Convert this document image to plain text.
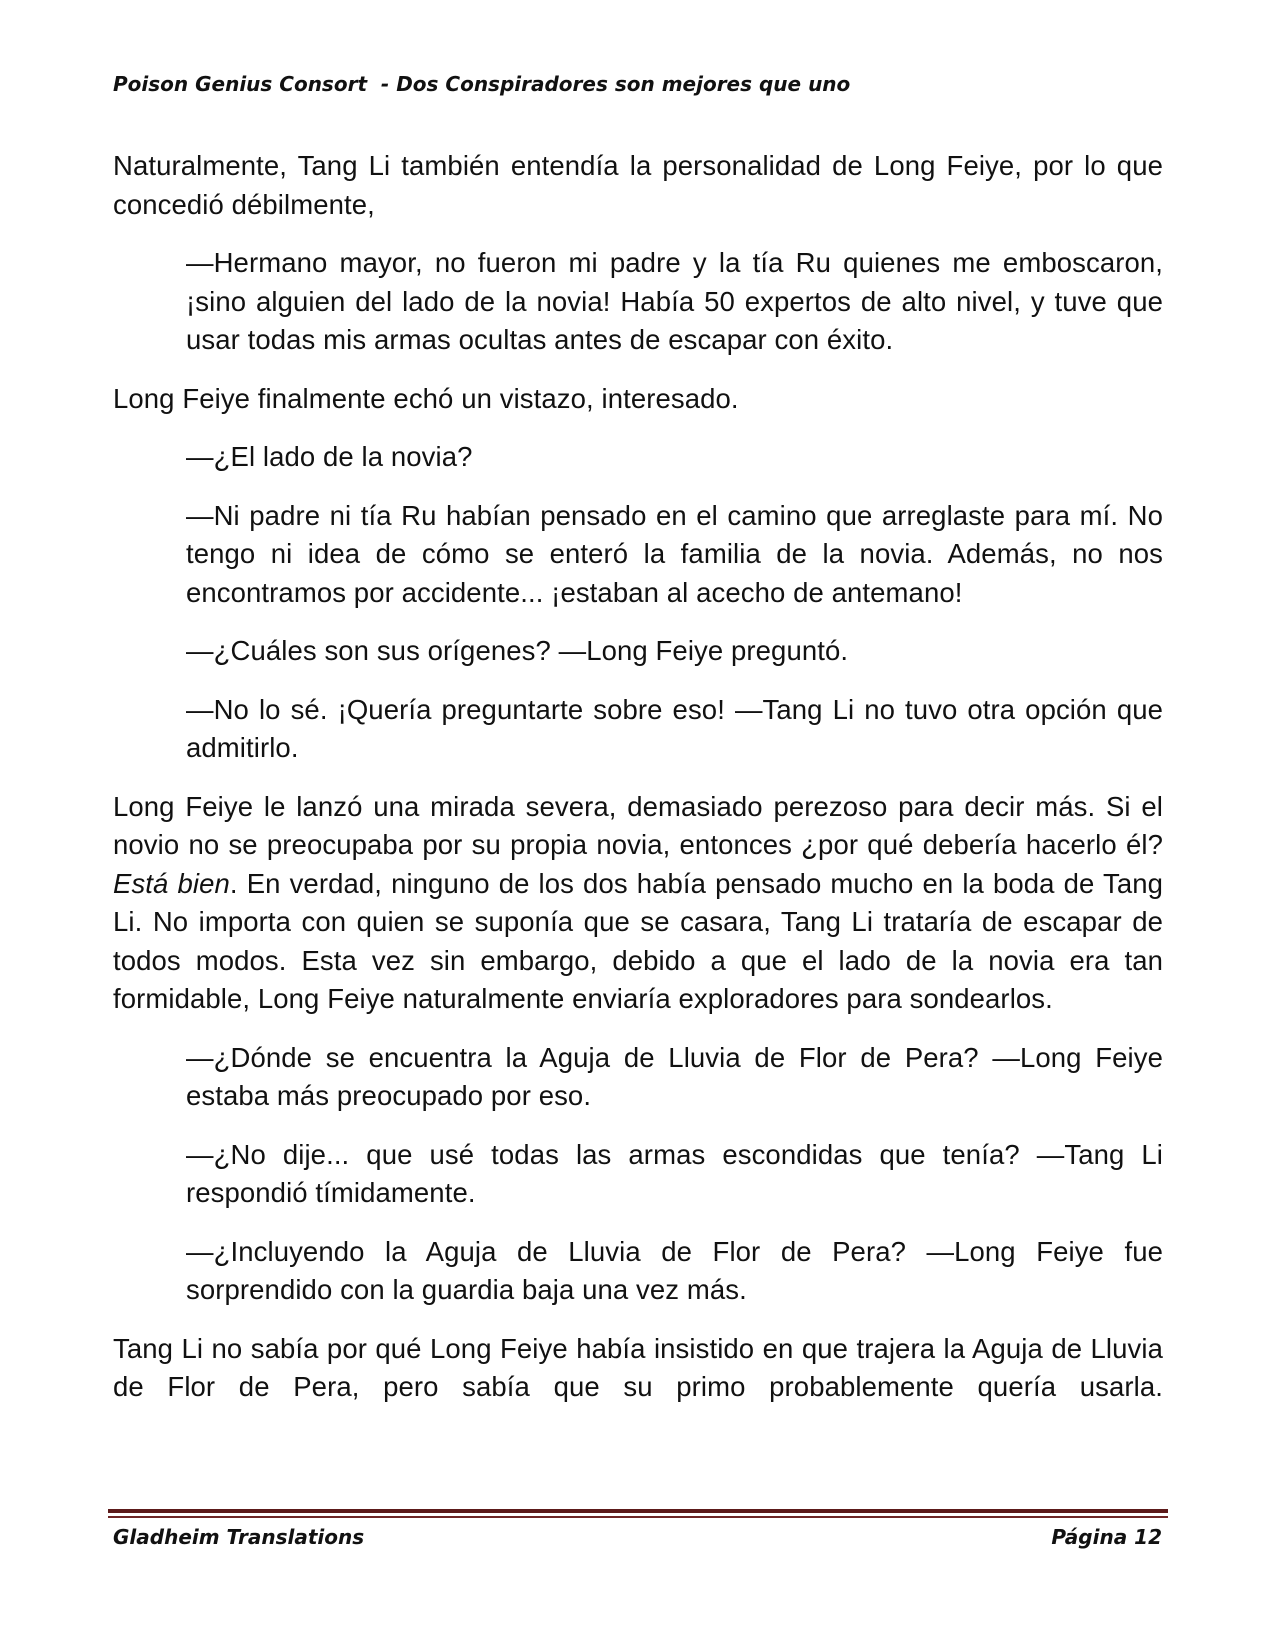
Poison Genius Consort  - Dos Conspiradores son mejores que uno

Naturalmente, Tang Li también entendía la personalidad de Long Feiye, por lo que concedió débilmente,

—Hermano mayor, no fueron mi padre y la tía Ru quienes me emboscaron, ¡sino alguien del lado de la novia! Había 50 expertos de alto nivel, y tuve que usar todas mis armas ocultas antes de escapar con éxito.

Long Feiye finalmente echó un vistazo, interesado.

—¿El lado de la novia?

—Ni padre ni tía Ru habían pensado en el camino que arreglaste para mí. No tengo ni idea de cómo se enteró la familia de la novia. Además, no nos encontramos por accidente... ¡estaban al acecho de antemano!

—¿Cuáles son sus orígenes? —Long Feiye preguntó.

—No lo sé. ¡Quería preguntarte sobre eso! —Tang Li no tuvo otra opción que admitirlo.

Long Feiye le lanzó una mirada severa, demasiado perezoso para decir más. Si el novio no se preocupaba por su propia novia, entonces ¿por qué debería hacerlo él? Está bien. En verdad, ninguno de los dos había pensado mucho en la boda de Tang Li. No importa con quien se suponía que se casara, Tang Li trataría de escapar de todos modos. Esta vez sin embargo, debido a que el lado de la novia era tan formidable, Long Feiye naturalmente enviaría exploradores para sondearlos.

—¿Dónde se encuentra la Aguja de Lluvia de Flor de Pera? —Long Feiye estaba más preocupado por eso.

—¿No dije... que usé todas las armas escondidas que tenía? —Tang Li respondió tímidamente.

—¿Incluyendo la Aguja de Lluvia de Flor de Pera? —Long Feiye fue sorprendido con la guardia baja una vez más.

Tang Li no sabía por qué Long Feiye había insistido en que trajera la Aguja de Lluvia de Flor de Pera, pero sabía que su primo probablemente quería usarla.

Gladheim Translations	Página 12
